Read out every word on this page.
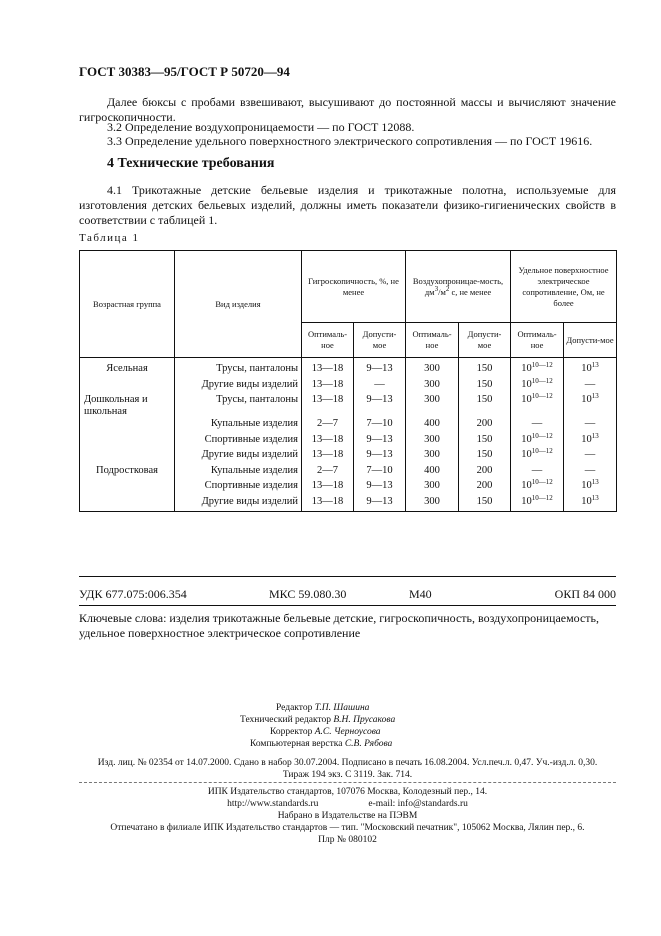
ГОСТ 30383—95/ГОСТ Р 50720—94
Далее бюксы с пробами взвешивают, высушивают до постоянной массы и вычисляют значение гигроскопичности.
3.2 Определение воздухопроницаемости — по ГОСТ 12088.
3.3 Определение удельного поверхностного электрического сопротивления — по ГОСТ 19616.
4 Технические требования
4.1 Трикотажные детские бельевые изделия и трикотажные полотна, используемые для изготовления детских бельевых изделий, должны иметь показатели физико-гигиенических свойств в соответствии с таблицей 1.
Таблица 1
Возрастная группа	Вид изделия	Гигроскопичность, %, не менее		Воздухопроницае-мость, $дм^3/м^2$ с, не менее		Удельное поверхностное электрическое сопротивление, Ом, не более	
		Оптималь-ное	Допусти-мое	Оптималь-ное	Допусти-мое	Оптималь-ное	Допусти-мое
Ясельная	Трусы, панталоны	13—18	9—13	300	150	$10^{10—12}$	$10^{13}$
	Другие виды изделий	13—18	—	300	150	$10^{10—12}$	—
Дошкольная и школьная	Трусы, панталоны	13—18	9—13	300	150	$10^{10—12}$	$10^{13}$
	Купальные изделия	2—7	7—10	400	200	—	—
	Спортивные изделия	13—18	9—13	300	150	$10^{10—12}$	$10^{13}$
	Другие виды изделий	13—18	9—13	300	150	$10^{10—12}$	—
Подростковая	Купальные изделия	2—7	7—10	400	200	—	—
	Спортивные изделия	13—18	9—13	300	200	$10^{10—12}$	$10^{13}$
	Другие виды изделий	13—18	9—13	300	150	$10^{10—12}$	$10^{13}$
УДК 677.075:006.354	МКС 59.080.30	М40	ОКП 84 000
Ключевые слова: изделия трикотажные бельевые детские, гигроскопичность, воздухопроницаемость, удельное поверхностное электрическое сопротивление
Редактор Т.П. Шашина
Технический редактор В.Н. Прусакова
Корректор А.С. Черноусова
Компьютерная верстка С.В. Рябова
Изд. лиц. № 02354 от 14.07.2000. Сдано в набор 30.07.2004. Подписано в печать 16.08.2004. Усл.печ.л. 0,47. Уч.-изд.л. 0,30.
Тираж 194 экз. С 3119. Зак. 714.
ИПК Издательство стандартов, 107076 Москва, Колодезный пер., 14.
http://www.standards.ru	e-mail: info@standards.ru
Набрано в Издательстве на ПЭВМ
Отпечатано в филиале ИПК Издательство стандартов — тип. "Московский печатник", 105062 Москва, Лялин пер., 6.
Плр № 080102
